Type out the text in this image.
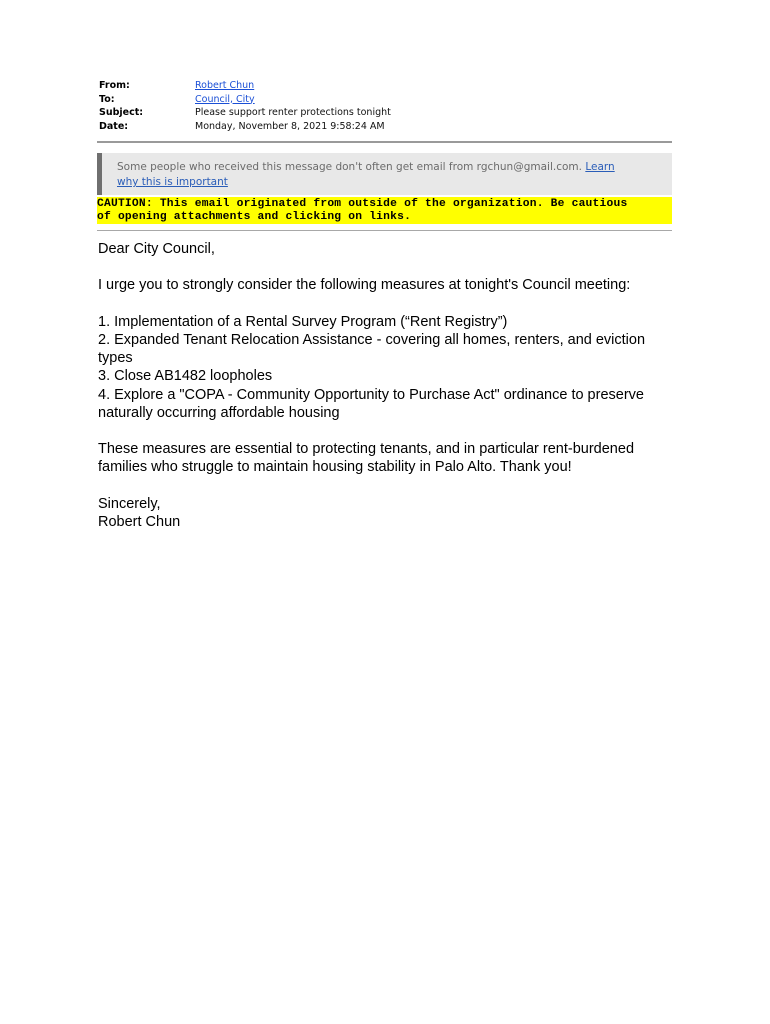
From:	Robert Chun
To:	Council, City
Subject:	Please support renter protections tonight
Date:	Monday, November 8, 2021 9:58:24 AM
Some people who received this message don't often get email from rgchun@gmail.com. Learn
why this is important
CAUTION: This email originated from outside of the organization. Be cautious
of opening attachments and clicking on links.

Dear City Council,

I urge you to strongly consider the following measures at tonight's Council meeting:

1. Implementation of a Rental Survey Program (“Rent Registry”)

2. Expanded Tenant Relocation Assistance - covering all homes, renters, and eviction types

3. Close AB1482 loopholes

4. Explore a "COPA - Community Opportunity to Purchase Act" ordinance to preserve naturally occurring affordable housing

These measures are essential to protecting tenants, and in particular rent-burdened families who struggle to maintain housing stability in Palo Alto. Thank you!

Sincerely,

Robert Chun
